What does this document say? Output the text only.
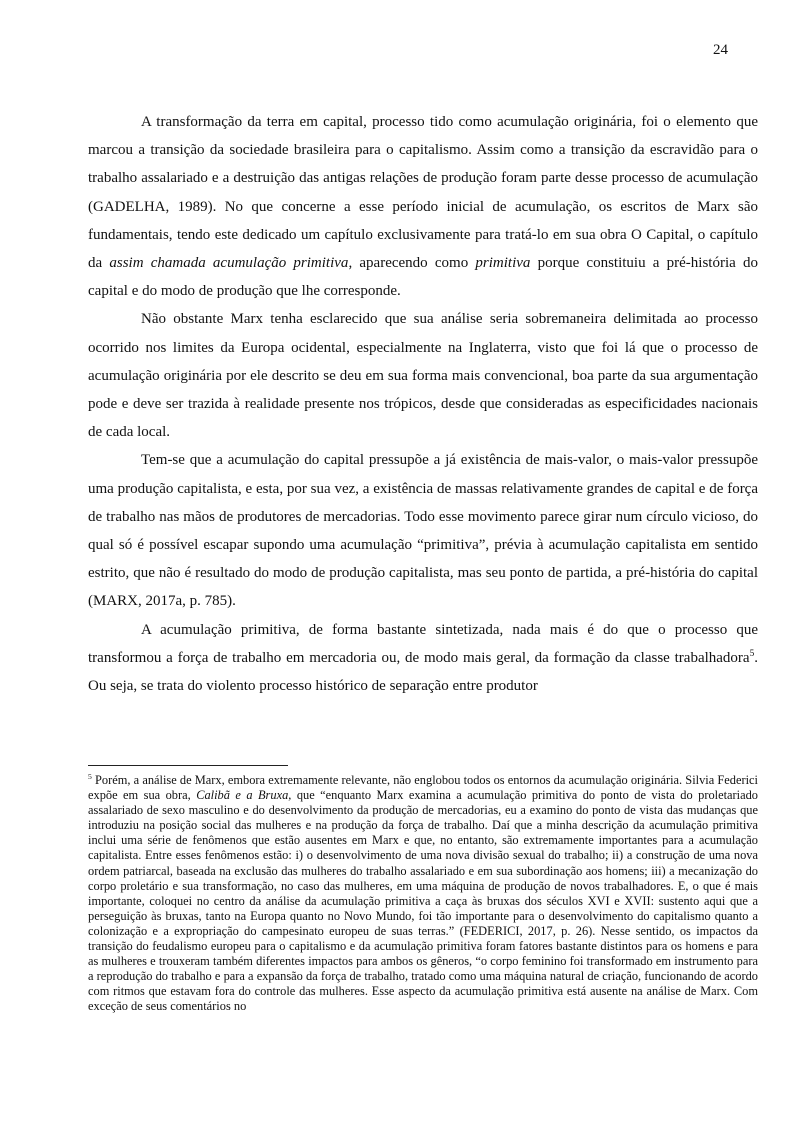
24

A transformação da terra em capital, processo tido como acumulação originária, foi o elemento que marcou a transição da sociedade brasileira para o capitalismo. Assim como a transição da escravidão para o trabalho assalariado e a destruição das antigas relações de produção foram parte desse processo de acumulação (GADELHA, 1989). No que concerne a esse período inicial de acumulação, os escritos de Marx são fundamentais, tendo este dedicado um capítulo exclusivamente para tratá-lo em sua obra O Capital, o capítulo da assim chamada acumulação primitiva, aparecendo como primitiva porque constituiu a pré-história do capital e do modo de produção que lhe corresponde.

Não obstante Marx tenha esclarecido que sua análise seria sobremaneira delimitada ao processo ocorrido nos limites da Europa ocidental, especialmente na Inglaterra, visto que foi lá que o processo de acumulação originária por ele descrito se deu em sua forma mais convencional, boa parte da sua argumentação pode e deve ser trazida à realidade presente nos trópicos, desde que consideradas as especificidades nacionais de cada local.

Tem-se que a acumulação do capital pressupõe a já existência de mais-valor, o mais-valor pressupõe uma produção capitalista, e esta, por sua vez, a existência de massas relativamente grandes de capital e de força de trabalho nas mãos de produtores de mercadorias. Todo esse movimento parece girar num círculo vicioso, do qual só é possível escapar supondo uma acumulação “primitiva”, prévia à acumulação capitalista em sentido estrito, que não é resultado do modo de produção capitalista, mas seu ponto de partida, a pré-história do capital (MARX, 2017a, p. 785).

A acumulação primitiva, de forma bastante sintetizada, nada mais é do que o processo que transformou a força de trabalho em mercadoria ou, de modo mais geral, da formação da classe trabalhadora$^5$. Ou seja, se trata do violento processo histórico de separação entre produtor

$^5$ Porém, a análise de Marx, embora extremamente relevante, não englobou todos os entornos da acumulação originária. Silvia Federici expõe em sua obra, Calibã e a Bruxa, que “enquanto Marx examina a acumulação primitiva do ponto de vista do proletariado assalariado de sexo masculino e do desenvolvimento da produção de mercadorias, eu a examino do ponto de vista das mudanças que introduziu na posição social das mulheres e na produção da força de trabalho. Daí que a minha descrição da acumulação primitiva inclui uma série de fenômenos que estão ausentes em Marx e que, no entanto, são extremamente importantes para a acumulação capitalista. Entre esses fenômenos estão: i) o desenvolvimento de uma nova divisão sexual do trabalho; ii) a construção de uma nova ordem patriarcal, baseada na exclusão das mulheres do trabalho assalariado e em sua subordinação aos homens; iii) a mecanização do corpo proletário e sua transformação, no caso das mulheres, em uma máquina de produção de novos trabalhadores. E, o que é mais importante, coloquei no centro da análise da acumulação primitiva a caça às bruxas dos séculos XVI e XVII: sustento aqui que a perseguição às bruxas, tanto na Europa quanto no Novo Mundo, foi tão importante para o desenvolvimento do capitalismo quanto a colonização e a expropriação do campesinato europeu de suas terras.” (FEDERICI, 2017, p. 26). Nesse sentido, os impactos da transição do feudalismo europeu para o capitalismo e da acumulação primitiva foram fatores bastante distintos para os homens e para as mulheres e trouxeram também diferentes impactos para ambos os gêneros, “o corpo feminino foi transformado em instrumento para a reprodução do trabalho e para a expansão da força de trabalho, tratado como uma máquina natural de criação, funcionando de acordo com ritmos que estavam fora do controle das mulheres. Esse aspecto da acumulação primitiva está ausente na análise de Marx. Com exceção de seus comentários no
